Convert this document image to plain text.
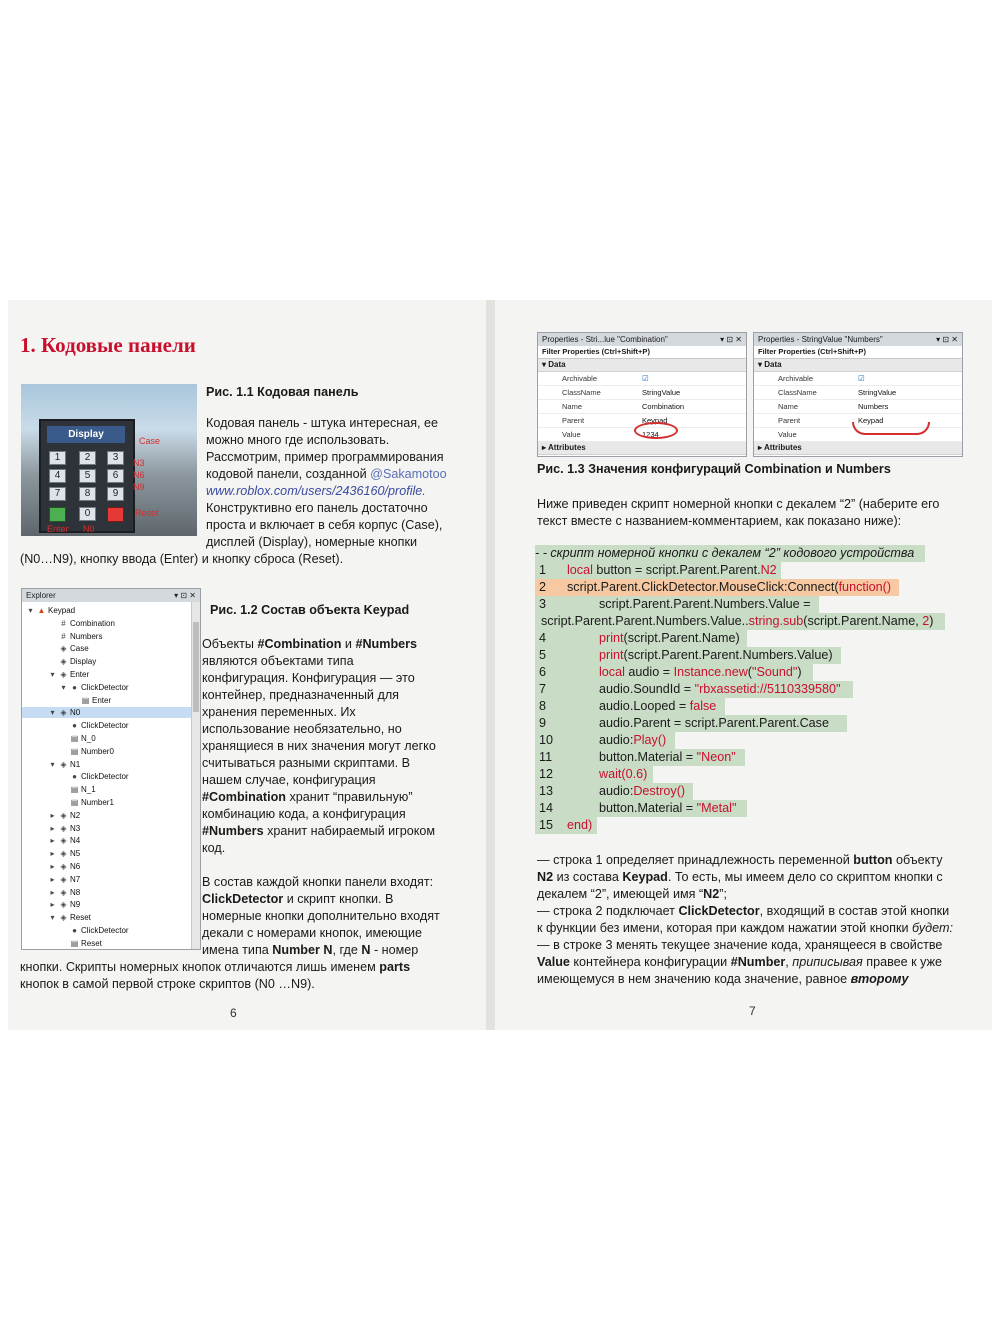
1. Кодовые панели
Display
1	2	3
4	5	6
7	8	9
0
Case
N3
N6
N9
Reset
Enter N0
Рис. 1.1 Кодовая панель
Кодовая панель - штука интересная, ее
можно много где использовать.
Рассмотрим, пример программирования
кодовой панели, созданной @Sakamotoo
www.roblox.com/users/2436160/profile.
Конструктивно его панель достаточно
проста и включает в себя корпус (Case),
дисплей (Display), номерные кнопки
(N0…N9), кнопку ввода (Enter) и кнопку сброса (Reset).
Explorer	▾ ⊡ ✕
▾ ▲ Keypad
# Combination
# Numbers
◈ Case
◈ Display
▾ ◈ Enter
▾ ● ClickDetector
▤ Enter
▾ ◈ N0
● ClickDetector
▤ N_0
▤ Number0
▾ ◈ N1
● ClickDetector
▤ N_1
▤ Number1
▸ ◈ N2
▸ ◈ N3
▸ ◈ N4
▸ ◈ N5
▸ ◈ N6
▸ ◈ N7
▸ ◈ N8
▸ ◈ N9
▾ ◈ Reset
● ClickDetector
▤ Reset
Рис. 1.2 Состав объекта Keypad
Объекты #Combination и #Numbers
являются объектами типа
конфигурация. Конфигурация — это
контейнер, предназначенный для
хранения переменных. Их
использование необязательно, но
хранящиеся в них значения могут легко
считываться разными скриптами. В
нашем случае, конфигурация
#Combination хранит “правильную”
комбинацию кода, а конфигурация
#Numbers хранит набираемый игроком
код.
В состав каждой кнопки панели входят:
ClickDetector и скрипт кнопки. В
номерные кнопки дополнительно входят
декали с номерами кнопок, имеющие
имена типа Number N, где N - номер
кнопки. Скрипты номерных кнопок отличаются лишь именем parts
кнопок в самой первой строке скриптов (N0 …N9).
6
Properties - Stri...lue "Combination"	▾ ⊡ ✕
Filter Properties (Ctrl+Shift+P)
▾ Data
Archivable	☑
ClassName	StringValue
Name	Combination
Parent	Keypad
Value	1234
▸ Attributes
Properties - StringValue "Numbers"	▾ ⊡ ✕
Filter Properties (Ctrl+Shift+P)
▾ Data
Archivable	☑
ClassName	StringValue
Name	Numbers
Parent	Keypad
Value
▸ Attributes
Рис. 1.3 Значения конфигураций Combination и Numbers
Ниже приведен скрипт номерной кнопки с декалем “2” (наберите его
текст вместе с названием-комментарием, как показано ниже):
- - скрипт номерной кнопки с декалем “2” кодового устройства
1 local button = script.Parent.Parent.N2
2 script.Parent.ClickDetector.MouseClick:Connect(function()
3	script.Parent.Parent.Numbers.Value =
script.Parent.Parent.Numbers.Value..string.sub(script.Parent.Name, 2)
4	print(script.Parent.Name)
5	print(script.Parent.Parent.Numbers.Value)
6	local audio = Instance.new("Sound")
7	audio.SoundId = "rbxassetid://5110339580"
8	audio.Looped = false
9	audio.Parent = script.Parent.Parent.Case
10	audio:Play()
11	button.Material = "Neon"
12	wait(0.6)
13	audio:Destroy()
14	button.Material = "Metal"
15 end)
— строка 1 определяет принадлежность переменной button объекту
N2 из состава Keypad. То есть, мы имеем дело со скриптом кнопки с
декалем “2”, имеющей имя “N2”;
— строка 2 подключает ClickDetector, входящий в состав этой кнопки
к функции без имени, которая при каждом нажатии этой кнопки будет:
— в строке 3 менять текущее значение кода, хранящееся в свойстве
Value контейнера конфигурации #Number, приписывая правее к уже
имеющемуся в нем значению кода значение, равное второму
7
